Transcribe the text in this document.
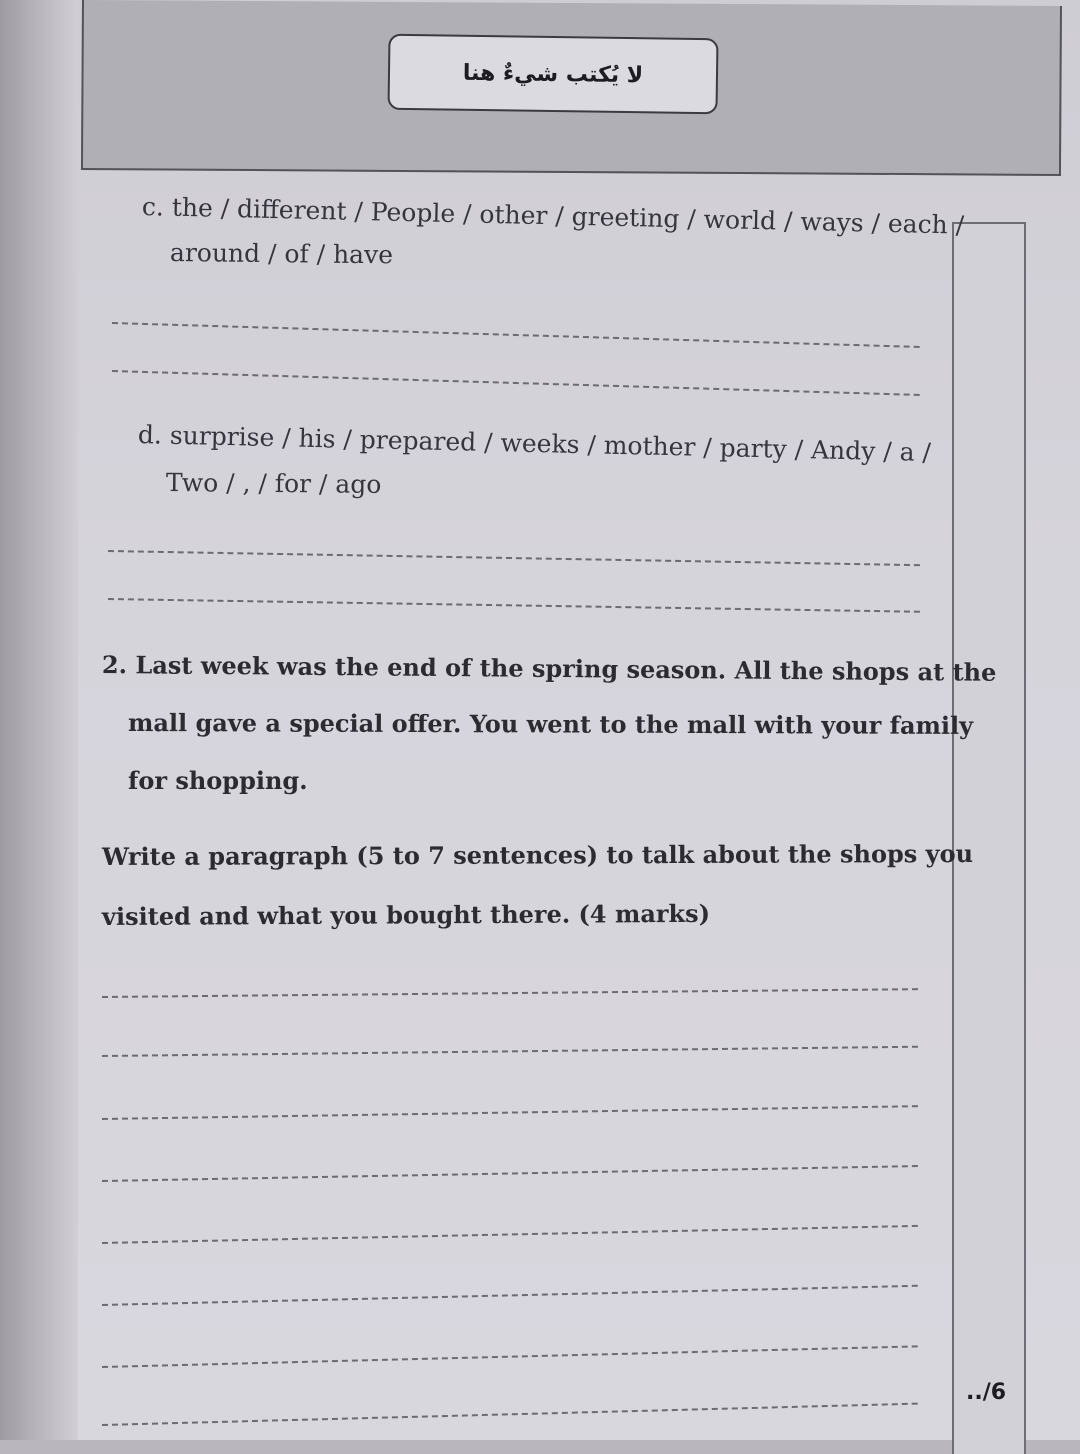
لا يُكتب شيءٌ هنا
../6
c. the / different / People / other / greeting / world / ways / each /
around / of / have
d. surprise / his / prepared / weeks / mother / party / Andy / a /
Two / , / for / ago
2. Last week was the end of the spring season. All the shops at the
mall gave a special offer. You went to the mall with your family
for shopping.
Write a paragraph (5 to 7 sentences) to talk about the shops you
visited and what you bought there. (4 marks)
